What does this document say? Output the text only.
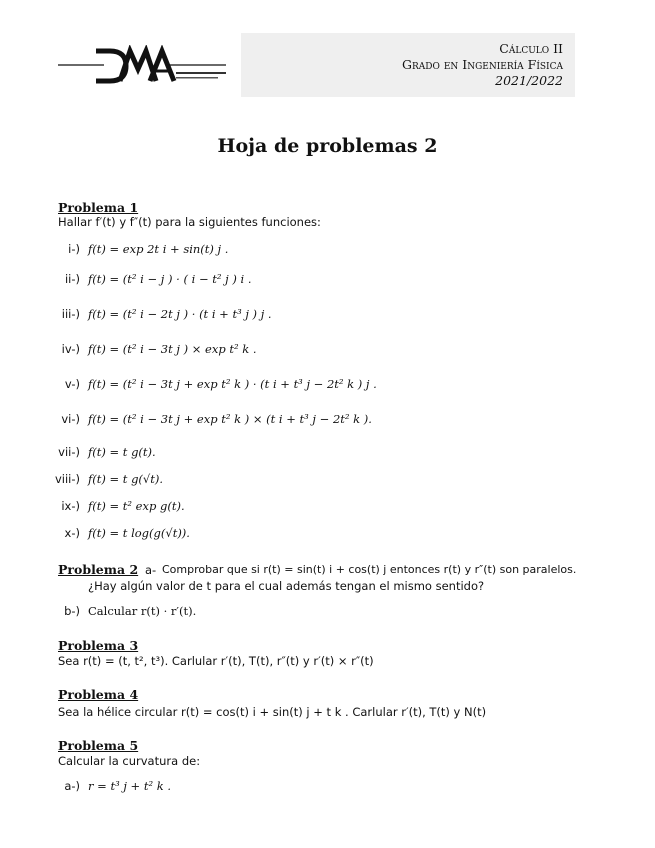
Cálculo II
Grado en Ingeniería Física
2021/2022
Hoja de problemas 2
Problema 1
Hallar f′(t) y f″(t) para la siguientes funciones:
i-) f(t) = exp 2t i + sin(t) j .
ii-) f(t) = (t² i − j ) · ( i − t² j ) i .
iii-) f(t) = (t² i − 2t j ) · (t i + t³ j ) j .
iv-) f(t) = (t² i − 3t j ) × exp t² k .
v-) f(t) = (t² i − 3t j + exp t² k ) · (t i + t³ j − 2t² k ) j .
vi-) f(t) = (t² i − 3t j + exp t² k ) × (t i + t³ j − 2t² k ).
vii-) f(t) = t g(t).
viii-) f(t) = t g(√t).
ix-) f(t) = t² exp g(t).
x-) f(t) = t log(g(√t)).
Problema 2 a- Comprobar que si r(t) = sin(t) i + cos(t) j entonces r(t) y r″(t) son paralelos.
¿Hay algún valor de t para el cual además tengan el mismo sentido?
b-) Calcular r(t) · r′(t).
Problema 3
Sea r(t) = (t, t², t³). Carlular r′(t), T(t), r″(t) y r′(t) × r″(t)
Problema 4
Sea la hélice circular r(t) = cos(t) i + sin(t) j + t k . Carlular r′(t), T(t) y N(t)
Problema 5
Calcular la curvatura de:
a-) r = t³ j + t² k .
